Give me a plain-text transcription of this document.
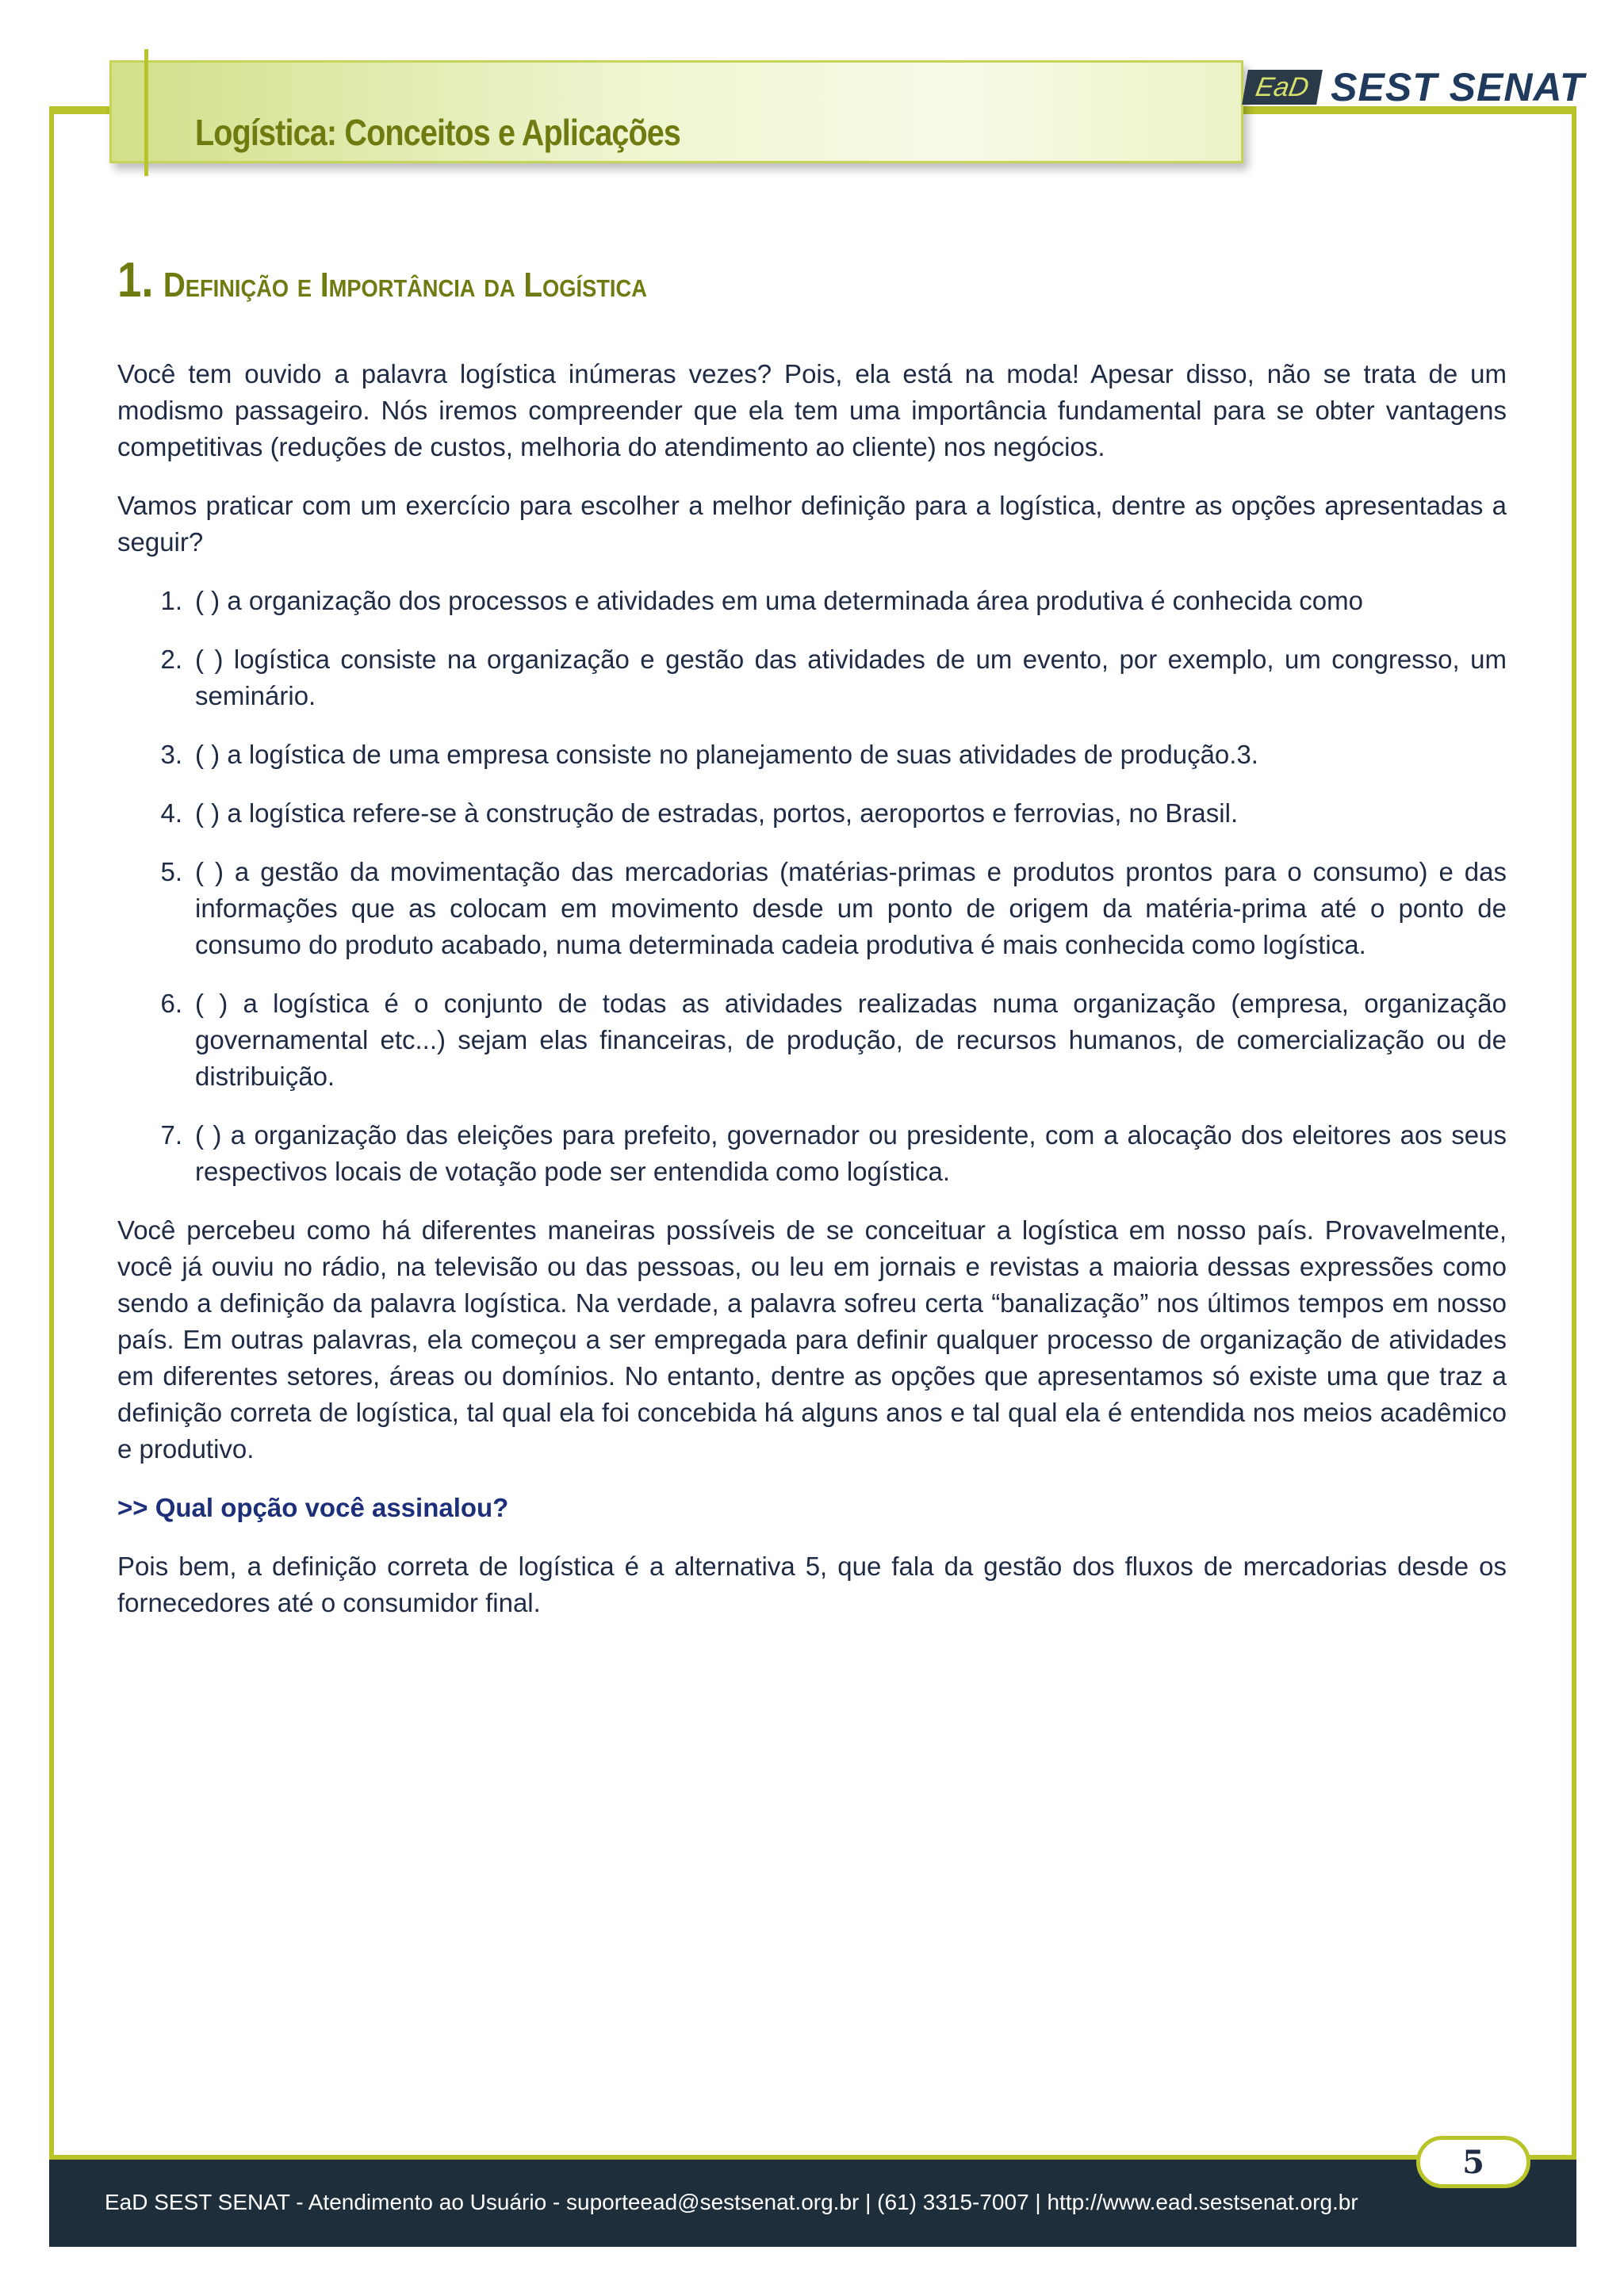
Logística: Conceitos e Aplicações
EaD SEST SENAT
1. Definição e Importância da Logística

Você tem ouvido a palavra logística inúmeras vezes? Pois, ela está na moda! Apesar disso, não se trata de um modismo passageiro. Nós iremos compreender que ela tem uma importância fundamental para se obter vantagens competitivas (reduções de custos, melhoria do atendimento ao cliente) nos negócios.

Vamos praticar com um exercício para escolher a melhor definição para a logística, dentre as opções apresentadas a seguir?

1. ( ) a organização dos processos e atividades em uma determinada área produtiva é conhecida como
2. ( ) logística consiste na organização e gestão das atividades de um evento, por exemplo, um congresso, um seminário.
3. ( ) a logística de uma empresa consiste no planejamento de suas atividades de produção.3.
4. ( ) a logística refere-se à construção de estradas, portos, aeroportos e ferrovias, no Brasil.
5. ( ) a gestão da movimentação das mercadorias (matérias-primas e produtos prontos para o consumo) e das informações que as colocam em movimento desde um ponto de origem da matéria-prima até o ponto de consumo do produto acabado, numa determinada cadeia produtiva é mais conhecida como logística.
6. ( ) a logística é o conjunto de todas as atividades realizadas numa organização (empresa, organização governamental etc...) sejam elas financeiras, de produção, de recursos humanos, de comercialização ou de distribuição.
7. ( ) a organização das eleições para prefeito, governador ou presidente, com a alocação dos eleitores aos seus respectivos locais de votação pode ser entendida como logística.

Você percebeu como há diferentes maneiras possíveis de se conceituar a logística em nosso país. Provavelmente, você já ouviu no rádio, na televisão ou das pessoas, ou leu em jornais e revistas a maioria dessas expressões como sendo a definição da palavra logística. Na verdade, a palavra sofreu certa “banalização” nos últimos tempos em nosso país. Em outras palavras, ela começou a ser empregada para definir qualquer processo de organização de atividades em diferentes setores, áreas ou domínios. No entanto, dentre as opções que apresentamos só existe uma que traz a definição correta de logística, tal qual ela foi concebida há alguns anos e tal qual ela é entendida nos meios acadêmico e produtivo.

>> Qual opção você assinalou?

Pois bem, a definição correta de logística é a alternativa 5, que fala da gestão dos fluxos de mercadorias desde os fornecedores até o consumidor final.

EaD SEST SENAT - Atendimento ao Usuário - suporteead@sestsenat.org.br | (61) 3315-7007 | http://www.ead.sestsenat.org.br
5
